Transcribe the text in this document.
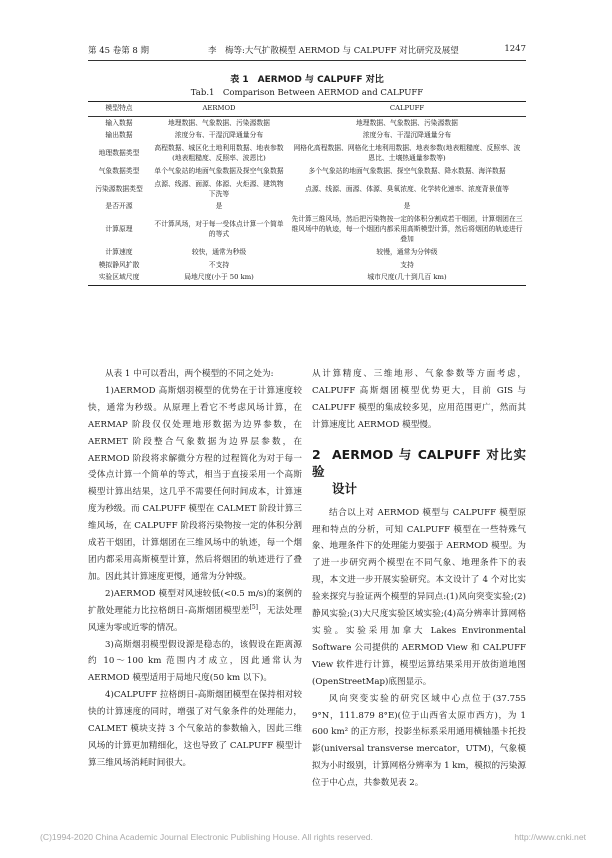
第 45 卷第 8 期	李　梅等:大气扩散模型 AERMOD 与 CALPUFF 对比研究及展望	1247
表 1　AERMOD 与 CALPUFF 对比
Tab.1　Comparison Between AERMOD and CALPUFF
模型特点	AERMOD	CALPUFF
输入数据	地理数据、气象数据、污染源数据	地理数据、气象数据、污染源数据
输出数据	浓度分布、干湿沉降通量分布	浓度分布、干湿沉降通量分布
地理数据类型	高程数据、城区化土地利用数据、地表参数(地表粗糙度、反照率、波恩比)	网格化高程数据、网格化土地利用数据、地表参数(地表粗糙度、反照率、波恩比、土壤热通量参数等)
气象数据类型	单个气象站的地面气象数据及探空气象数据	多个气象站的地面气象数据、探空气象数据、降水数据、海洋数据
污染源数据类型	点源、线源、面源、体源、火炬源、建筑物下洗等	点源、线源、面源、体源、臭氧浓度、化学转化速率、浓度背景值等
是否开源	是	是
计算原理	不计算风场，对于每一受体点计算一个简单的等式	先计算三维风场，然后把污染物按一定的体积分割成若干烟团，计算烟团在三维风场中的轨迹，每一个烟团内都采用高斯模型计算，然后将烟团的轨迹进行叠加
计算速度	较快，通常为秒级	较慢，通常为分钟级
模拟静风扩散	不支持	支持
实验区域尺度	局地尺度(小于 50 km)	城市尺度(几十到几百 km)

从表 1 中可以看出，两个模型的不同之处为:

1)AERMOD 高斯烟羽模型的优势在于计算速度较快，通常为秒级。从原理上看它不考虑风场计算，在 AERMAP 阶段仅仅处理地形数据为边界参数，在 AERMET 阶段整合气象数据为边界层参数，在 AERMOD 阶段将求解微分方程的过程简化为对于每一受体点计算一个简单的等式，相当于直接采用一个高斯模型计算出结果，这几乎不需要任何时间成本，计算速度为秒级。而 CALPUFF 模型在 CALMET 阶段计算三维风场，在 CALPUFF 阶段将污染物按一定的体积分割成若干烟团，计算烟团在三维风场中的轨迹，每一个烟团内都采用高斯模型计算，然后将烟团的轨迹进行了叠加。因此其计算速度更慢，通常为分钟级。

2)AERMOD 模型对风速较低(<0.5 m/s)的案例的扩散处理能力比拉格朗日-高斯烟团模型差[5]，无法处理风速为零或近零的情况。

3)高斯烟羽模型假设源是稳态的，该假设在距离源约 10～100 km 范围内才成立，因此通常认为 AERMOD 模型适用于局地尺度(50 km 以下)。

4)CALPUFF 拉格朗日-高斯烟团模型在保持相对较快的计算速度的同时，增强了对气象条件的处理能力，CALMET 模块支持 3 个气象站的参数输入，因此三维风场的计算更加精细化，这也导致了 CALPUFF 模型计算三维风场消耗时间很大。

从计算精度、三维地形、气象参数等方面考虑，CALPUFF 高斯烟团模型优势更大，目前 GIS 与 CALPUFF 模型的集成较多见，应用范围更广，然而其计算速度比 AERMOD 模型慢。

2 AERMOD 与 CALPUFF 对比实验
设计

结合以上对 AERMOD 模型与 CALPUFF 模型原理和特点的分析，可知 CALPUFF 模型在一些特殊气象、地理条件下的处理能力要强于 AERMOD 模型。为了进一步研究两个模型在不同气象、地理条件下的表现，本文进一步开展实验研究。本文设计了 4 个对比实验来探究与验证两个模型的异同点:(1)风向突变实验;(2)静风实验;(3)大尺度实验区域实验;(4)高分辨率计算网格实验。实验采用加拿大 Lakes Environmental Software 公司提供的 AERMOD View 和 CALPUFF View 软件进行计算，模型运算结果采用开放街道地图(OpenStreetMap)底图显示。

风向突变实验的研究区域中心点位于(37.755 9°N，111.879 8°E)(位于山西省太原市西方)，为 1 600 km² 的正方形，投影坐标系采用通用横轴墨卡托投影(universal transverse mercator，UTM)，气象模拟为小时级别，计算网格分辨率为 1 km，模拟的污染源位于中心点，共参数见表 2。

(C)1994-2020 China Academic Journal Electronic Publishing House. All rights reserved.	http://www.cnki.net
